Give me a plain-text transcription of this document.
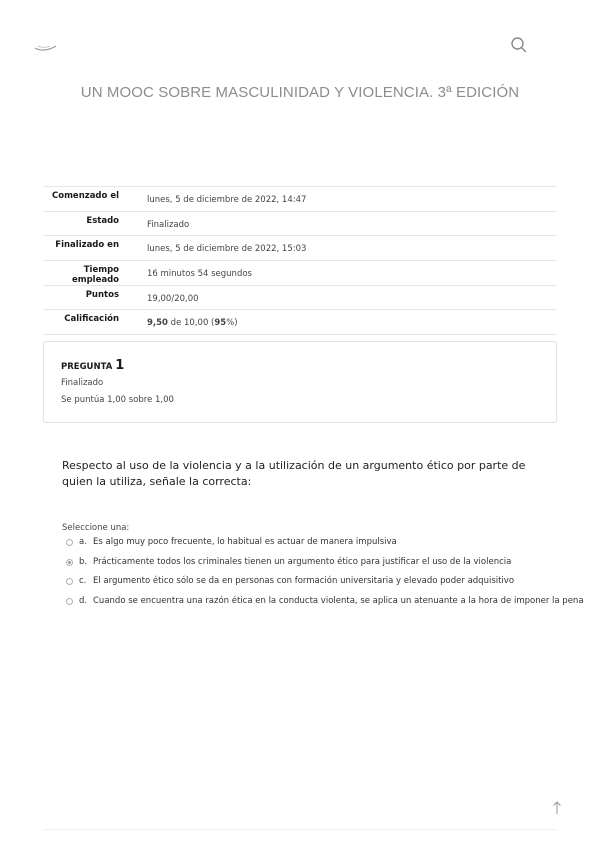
UN MOOC SOBRE MASCULINIDAD Y VIOLENCIA. 3ª EDICIÓN
Comenzado el	lunes, 5 de diciembre de 2022, 14:47
Estado	Finalizado
Finalizado en	lunes, 5 de diciembre de 2022, 15:03
Tiempo empleado	16 minutos 54 segundos
Puntos	19,00/20,00
Calificación	9,50 de 10,00 (95%)
PREGUNTA 1
Finalizado
Se puntúa 1,00 sobre 1,00
Respecto al uso de la violencia y a la utilización de un argumento ético por parte de quien la utiliza, señale la correcta:
Seleccione una:
a. Es algo muy poco frecuente, lo habitual es actuar de manera impulsiva
b. Prácticamente todos los criminales tienen un argumento ético para justificar el uso de la violencia
c. El argumento ético sólo se da en personas con formación universitaria y elevado poder adquisitivo
d. Cuando se encuentra una razón ética en la conducta violenta, se aplica un atenuante a la hora de imponer la pena
